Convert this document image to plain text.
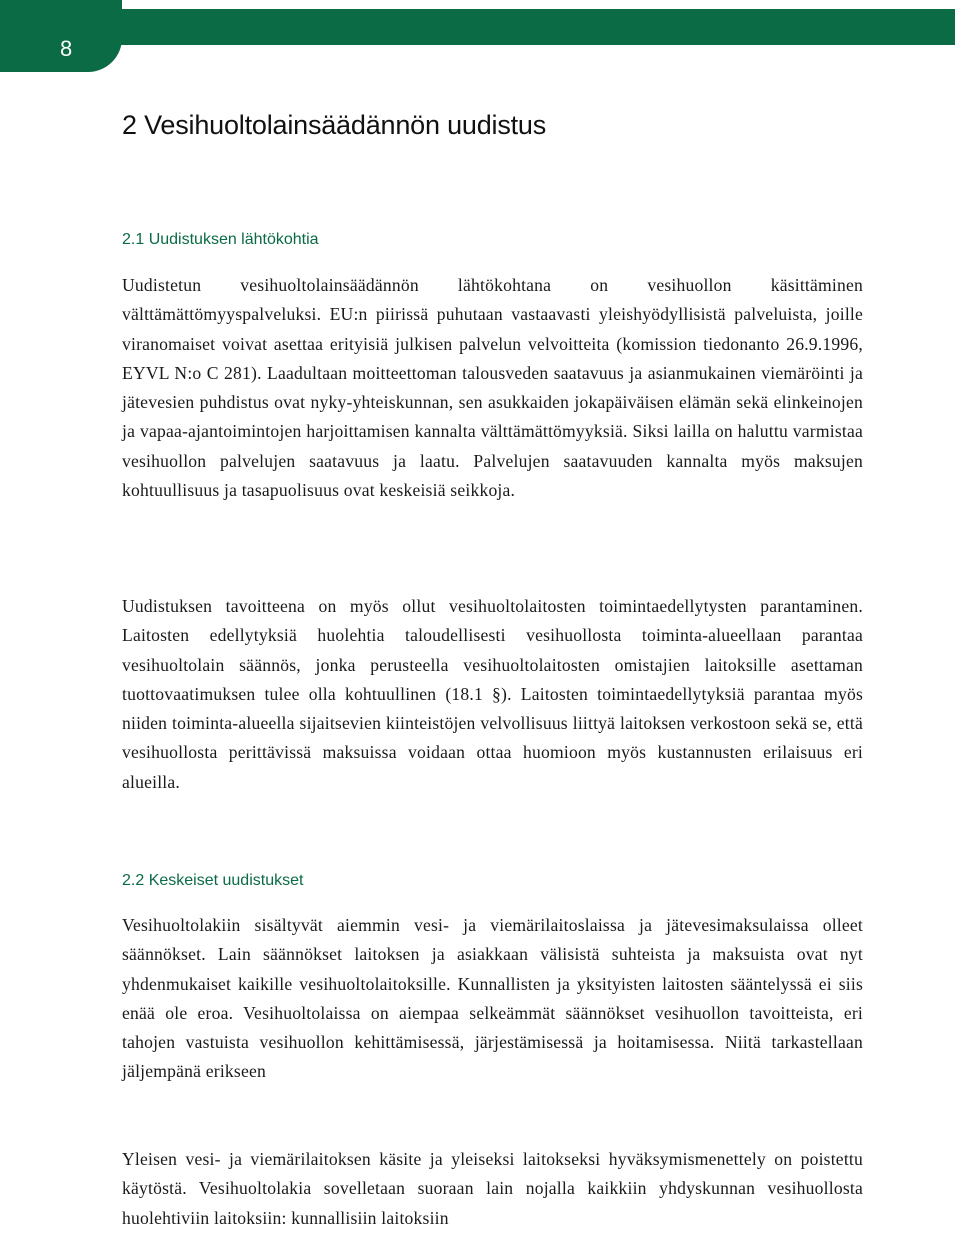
8
2 Vesihuoltolainsäädännön uudistus
2.1 Uudistuksen lähtökohtia

Uudistetun vesihuoltolainsäädännön lähtökohtana on vesihuollon käsittäminen välttämättömyyspalveluksi. EU:n piirissä puhutaan vastaavasti yleishyödyllisistä palveluista, joille viranomaiset voivat asettaa erityisiä julkisen palvelun velvoitteita (komission tiedonanto 26.9.1996, EYVL N:o C 281). Laadultaan moitteettoman talousveden saatavuus ja asianmukainen viemäröinti ja jätevesien puhdistus ovat nyky-yhteiskunnan, sen asukkaiden jokapäiväisen elämän sekä elinkeinojen ja vapaa-ajantoimintojen harjoittamisen kannalta välttämättömyyksiä. Siksi lailla on haluttu varmistaa vesihuollon palvelujen saatavuus ja laatu. Palvelujen saatavuuden kannalta myös maksujen kohtuullisuus ja tasapuolisuus ovat keskeisiä seikkoja.

Uudistuksen tavoitteena on myös ollut vesihuoltolaitosten toimintaedellytysten parantaminen. Laitosten edellytyksiä huolehtia taloudellisesti vesihuollosta toiminta-alueellaan parantaa vesihuoltolain säännös, jonka perusteella vesihuoltolaitosten omistajien laitoksille asettaman tuottovaatimuksen tulee olla kohtuullinen (18.1 §). Laitosten toimintaedellytyksiä parantaa myös niiden toiminta-alueella sijaitsevien kiinteistöjen velvollisuus liittyä laitoksen verkostoon sekä se, että vesihuollosta perittävissä maksuissa voidaan ottaa huomioon myös kustannusten erilaisuus eri alueilla.

2.2 Keskeiset uudistukset

Vesihuoltolakiin sisältyvät aiemmin vesi- ja viemärilaitoslaissa ja jätevesimaksulaissa olleet säännökset. Lain säännökset laitoksen ja asiakkaan välisistä suhteista ja maksuista ovat nyt yhdenmukaiset kaikille vesihuoltolaitoksille. Kunnallisten ja yksityisten laitosten sääntelyssä ei siis enää ole eroa. Vesihuoltolaissa on aiempaa selkeämmät säännökset vesihuollon tavoitteista, eri tahojen vastuista vesihuollon kehittämisessä, järjestämisessä ja hoitamisessa. Niitä tarkastellaan jäljempänä erikseen

Yleisen vesi- ja viemärilaitoksen käsite ja yleiseksi laitokseksi hyväksymismenettely on poistettu käytöstä. Vesihuoltolakia sovelletaan suoraan lain nojalla kaikkiin yhdyskunnan vesihuollosta huolehtiviin laitoksiin: kunnallisiin laitoksiin
